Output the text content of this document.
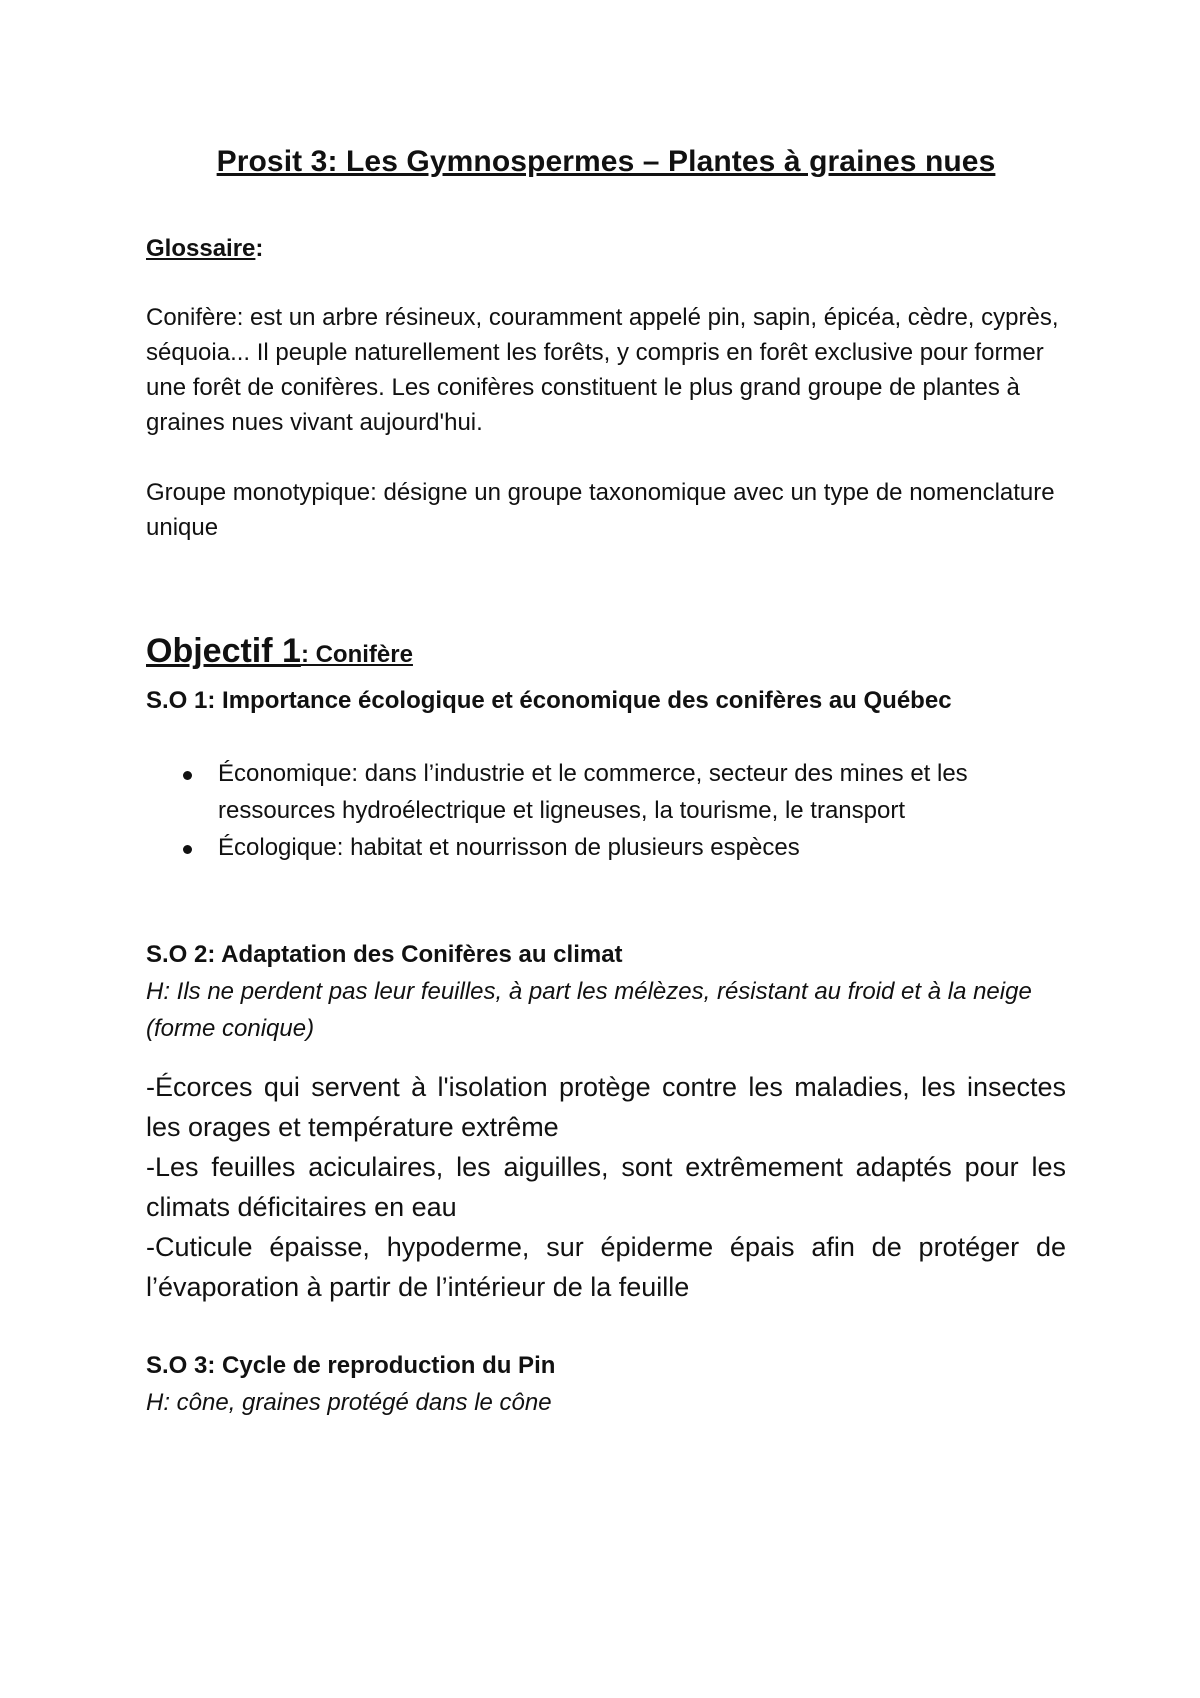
Prosit 3: Les Gymnospermes – Plantes à graines nues
Glossaire:

Conifère: est un arbre résineux, couramment appelé pin, sapin, épicéa, cèdre, cyprès, séquoia... Il peuple naturellement les forêts, y compris en forêt exclusive pour former une forêt de conifères. Les conifères constituent le plus grand groupe de plantes à graines nues vivant aujourd'hui.

Groupe monotypique: désigne un groupe taxonomique avec un type de nomenclature unique

Objectif 1: Conifère

S.O 1: Importance écologique et économique des conifères au Québec

Économique: dans l’industrie et le commerce, secteur des mines et les ressources hydroélectrique et ligneuses, la tourisme, le transport
Écologique: habitat et nourrisson de plusieurs espèces

S.O 2: Adaptation des Conifères au climat

H: Ils ne perdent pas leur feuilles, à part les mélèzes, résistant au froid et à la neige (forme conique)

-Écorces qui servent à l'isolation protège contre les maladies, les insectes les orages et température extrême

-Les feuilles aciculaires, les aiguilles, sont extrêmement adaptés pour les climats déficitaires en eau

-Cuticule épaisse, hypoderme, sur épiderme épais afin de protéger de l’évaporation à partir de l’intérieur de la feuille

S.O 3: Cycle de reproduction du Pin

H: cône, graines protégé dans le cône
